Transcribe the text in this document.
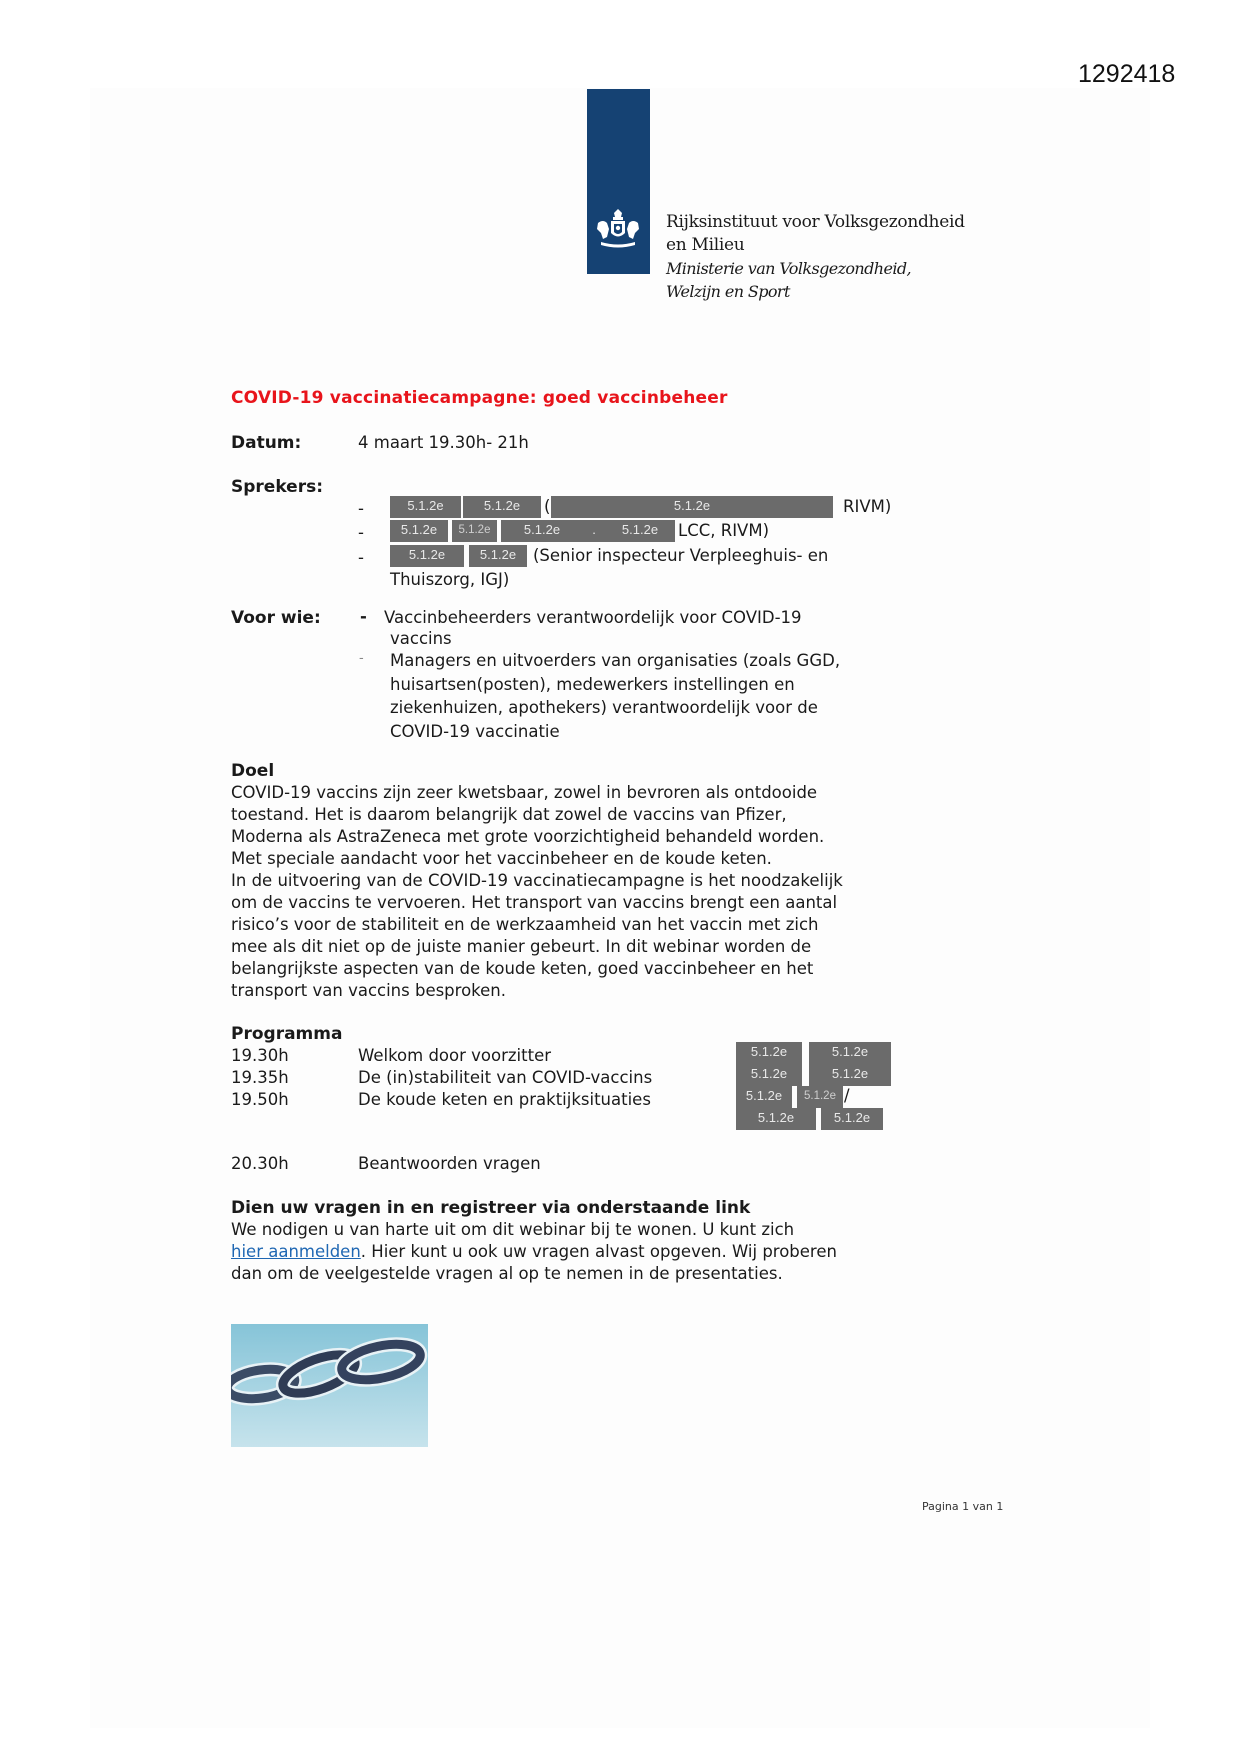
1292418
Rijksinstituut voor Volksgezondheid
en Milieu
Ministerie van Volksgezondheid,
Welzijn en Sport
COVID-19 vaccinatiecampagne: goed vaccinbeheer
Datum:	4 maart 19.30h- 21h
Sprekers:
-	5.1.2e	5.1.2e	(	5.1.2e	RIVM)
-	5.1.2e	5.1.2e	5.1.2e	.	5.1.2e	LCC, RIVM)
-	5.1.2e	5.1.2e	(Senior inspecteur Verpleeghuis- en
Thuiszorg, IGJ)
Voor wie: - Vaccinbeheerders verantwoordelijk voor COVID-19
vaccins
- Managers en uitvoerders van organisaties (zoals GGD,
huisartsen(posten), medewerkers instellingen en
ziekenhuizen, apothekers) verantwoordelijk voor de
COVID-19 vaccinatie
Doel
COVID-19 vaccins zijn zeer kwetsbaar, zowel in bevroren als ontdooide
toestand. Het is daarom belangrijk dat zowel de vaccins van Pfizer,
Moderna als AstraZeneca met grote voorzichtigheid behandeld worden.
Met speciale aandacht voor het vaccinbeheer en de koude keten.
In de uitvoering van de COVID-19 vaccinatiecampagne is het noodzakelijk
om de vaccins te vervoeren. Het transport van vaccins brengt een aantal
risico’s voor de stabiliteit en de werkzaamheid van het vaccin met zich
mee als dit niet op de juiste manier gebeurt. In dit webinar worden de
belangrijkste aspecten van de koude keten, goed vaccinbeheer en het
transport van vaccins besproken.
Programma
19.30h	Welkom door voorzitter
19.35h	De (in)stabiliteit van COVID-vaccins
19.50h	De koude keten en praktijksituaties
20.30h	Beantwoorden vragen
5.1.2e	5.1.2e
5.1.2e	5.1.2e
5.1.2e	5.1.2e /
5.1.2e	5.1.2e
Dien uw vragen in en registreer via onderstaande link
We nodigen u van harte uit om dit webinar bij te wonen. U kunt zich
hier aanmelden. Hier kunt u ook uw vragen alvast opgeven. Wij proberen
dan om de veelgestelde vragen al op te nemen in de presentaties.
Pagina 1 van 1
